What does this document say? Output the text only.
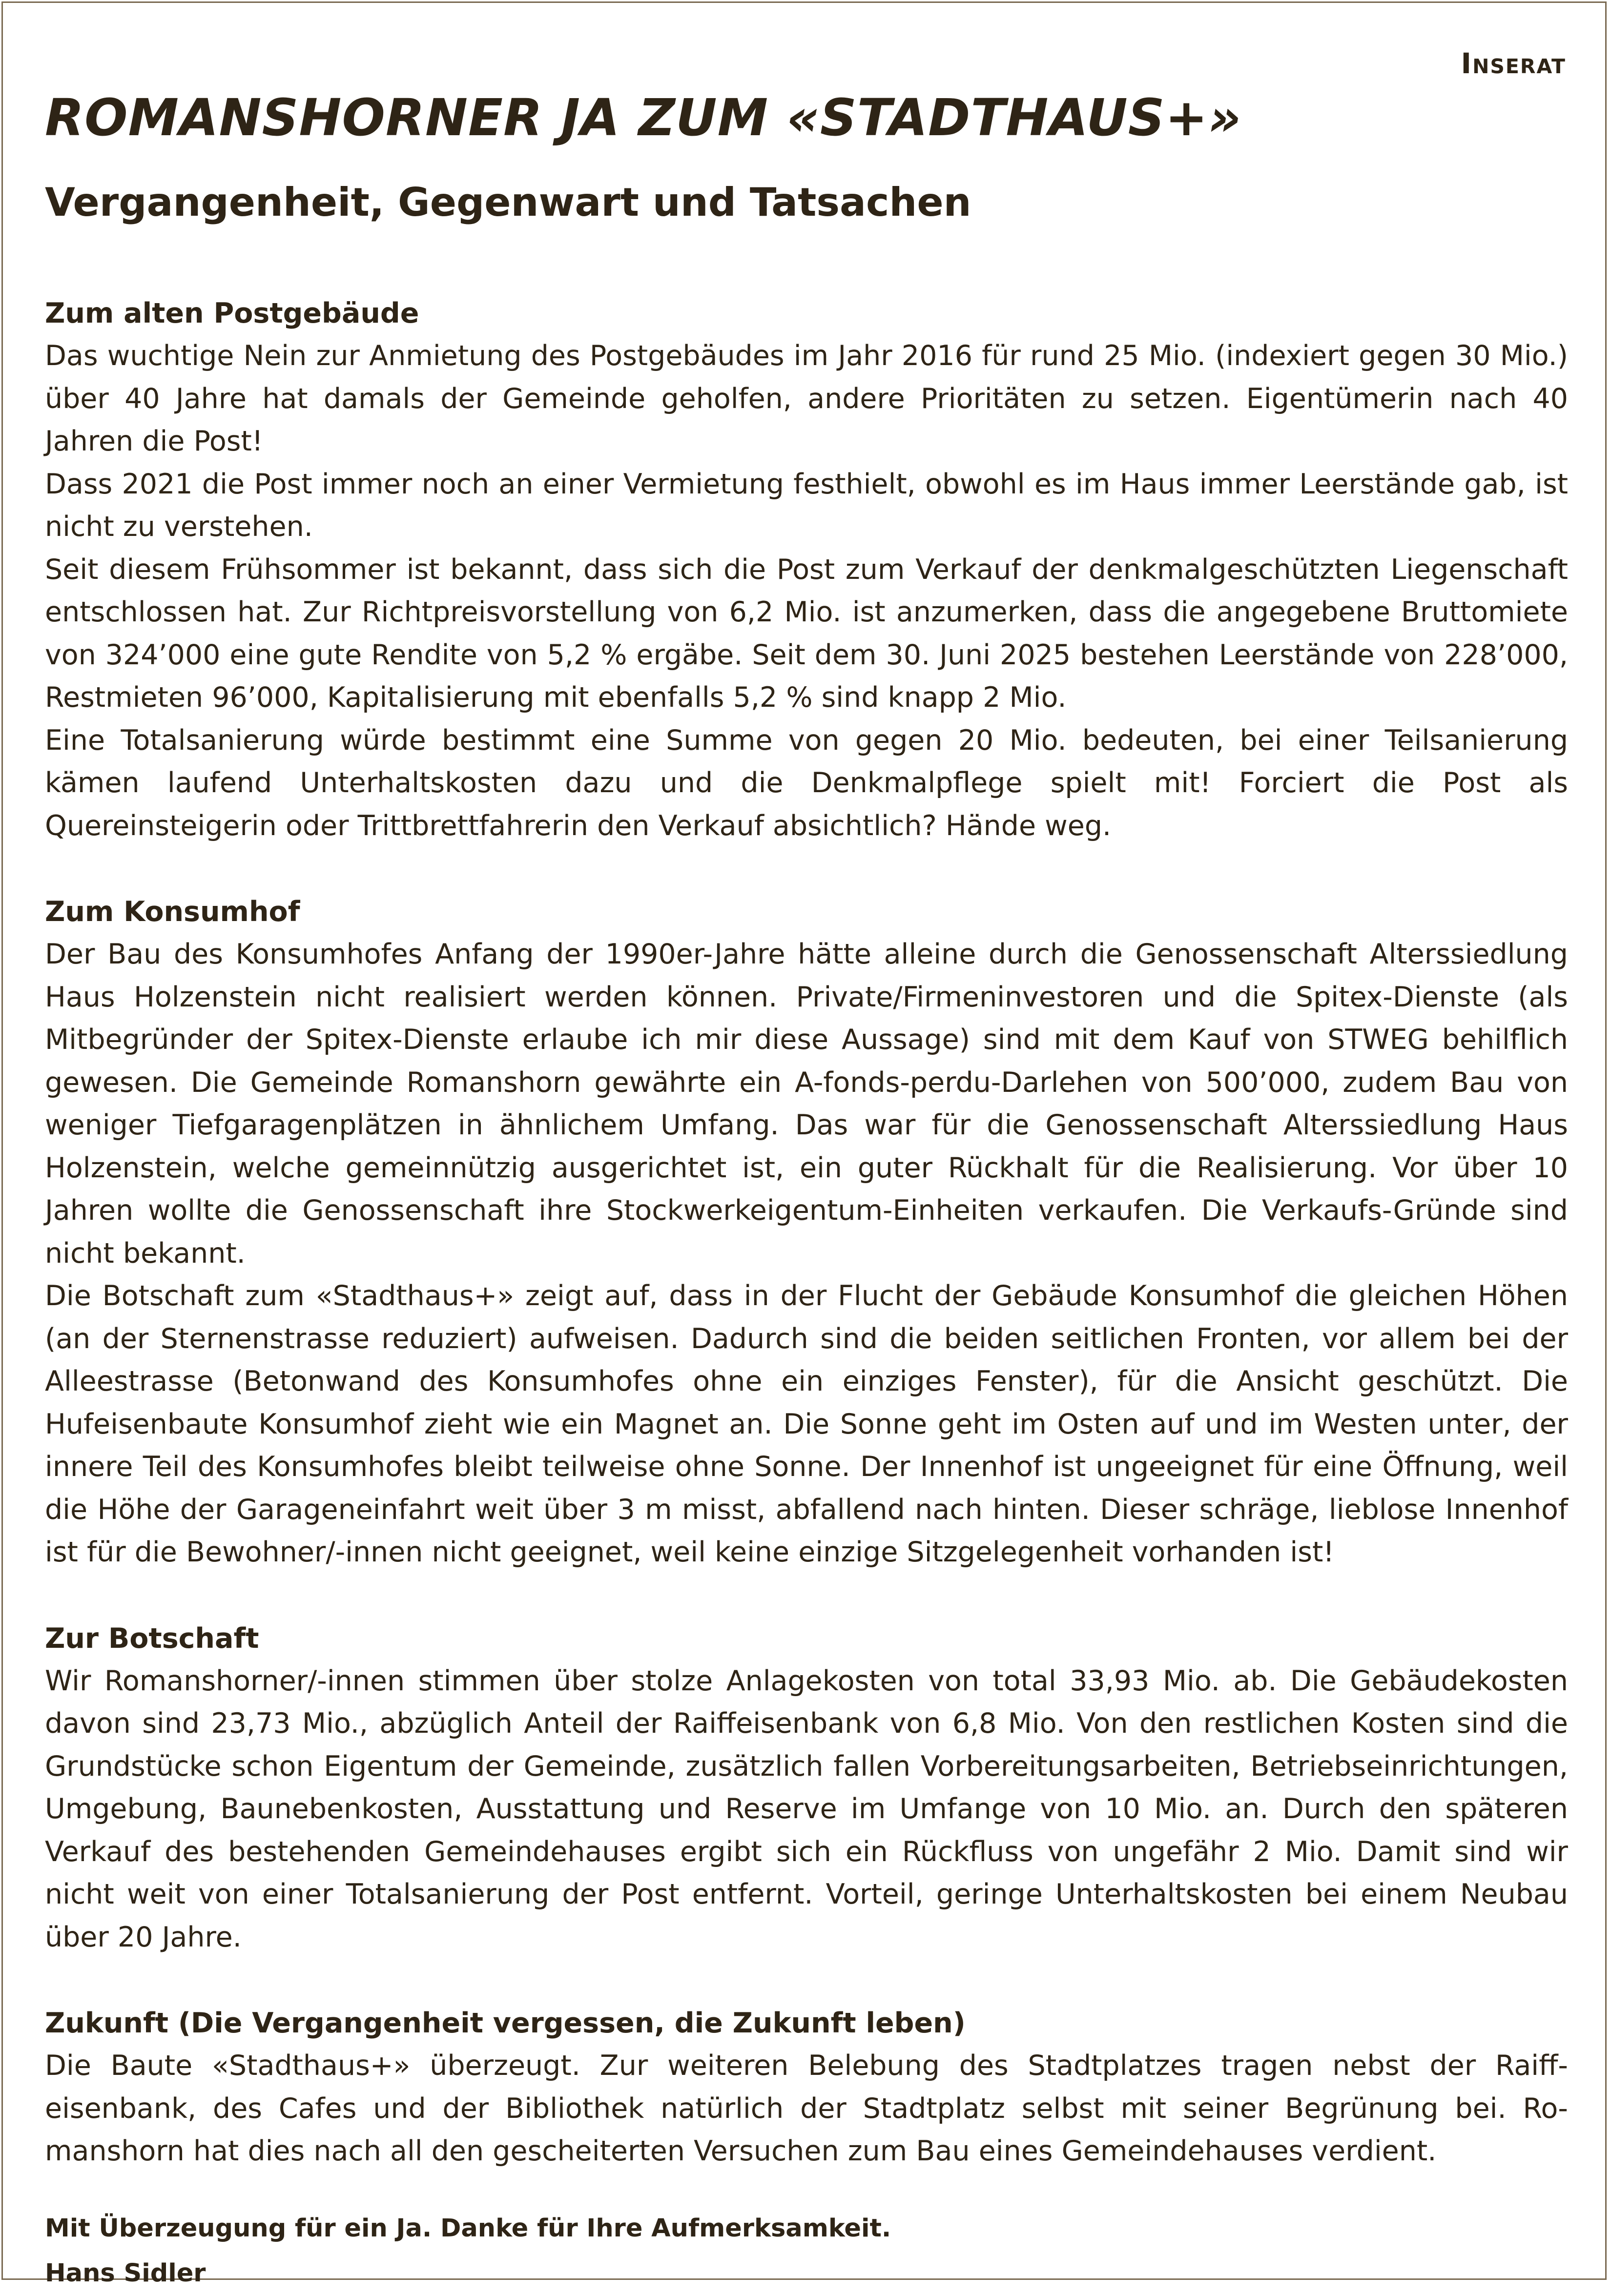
Inserat
ROMANSHORNER JA ZUM «STADTHAUS+»
Vergangenheit, Gegenwart und Tatsachen
Zum alten Postgebäude

Das wuchtige Nein zur Anmietung des Postgebäudes im Jahr 2016 für rund 25 Mio. (indexiert gegen 30 Mio.) über 40 Jahre hat damals der Gemeinde geholfen, andere Prioritäten zu setzen. Eigentümerin nach 40 Jahren die Post!

Dass 2021 die Post immer noch an einer Vermietung festhielt, obwohl es im Haus immer Leerstände gab, ist nicht zu verstehen.

Seit diesem Frühsommer ist bekannt, dass sich die Post zum Verkauf der denkmalgeschützten Liegenschaft entschlossen hat. Zur Richtpreisvorstellung von 6,2 Mio. ist anzumerken, dass die angegebene Bruttomiete von 324’000 eine gute Rendite von 5,2 % ergäbe. Seit dem 30. Juni 2025 bestehen Leerstände von 228’000, Restmieten 96’000, Kapitalisierung mit ebenfalls 5,2 % sind knapp 2 Mio.

Eine Totalsanierung würde bestimmt eine Summe von gegen 20 Mio. bedeuten, bei einer Teilsanierung kämen laufend Unterhaltskosten dazu und die Denkmalpflege spielt mit! Forciert die Post als Quereinsteigerin oder Trittbrettfahrerin den Verkauf absichtlich? Hände weg.

Zum Konsumhof

Der Bau des Konsumhofes Anfang der 1990er-Jahre hätte alleine durch die Genossenschaft Alterssiedlung Haus Holzenstein nicht realisiert werden können. Private/Firmeninvestoren und die Spitex-Dienste (als Mitbegründer der Spitex-Dienste erlaube ich mir diese Aussage) sind mit dem Kauf von STWEG behilflich gewesen. Die Gemeinde Romanshorn gewährte ein A-fonds-perdu-Darlehen von 500’000, zudem Bau von weniger Tiefgaragenplätzen in ähnlichem Umfang. Das war für die Genossenschaft Alterssiedlung Haus Holzenstein, welche gemeinnützig ausgerichtet ist, ein guter Rückhalt für die Realisierung. Vor über 10 Jahren wollte die Genossenschaft ihre Stockwerkeigentum-Einheiten verkaufen. Die Verkaufs-Gründe sind nicht bekannt.

Die Botschaft zum «Stadthaus+» zeigt auf, dass in der Flucht der Gebäude Konsumhof die gleichen Höhen (an der Sternenstrasse reduziert) aufweisen. Dadurch sind die beiden seitlichen Fronten, vor allem bei der Alleestrasse (Betonwand des Konsumhofes ohne ein einziges Fenster), für die Ansicht geschützt. Die Hufeisenbaute Konsumhof zieht wie ein Magnet an. Die Sonne geht im Osten auf und im Westen unter, der innere Teil des Konsumhofes bleibt teilweise ohne Sonne. Der Innenhof ist ungeeignet für eine Öffnung, weil die Höhe der Garageneinfahrt weit über 3 m misst, abfallend nach hinten. Dieser schräge, lieblose Innenhof ist für die Bewohner/-innen nicht geeignet, weil keine einzige Sitzgelegenheit vorhanden ist!

Zur Botschaft

Wir Romanshorner/-innen stimmen über stolze Anlagekosten von total 33,93 Mio. ab. Die Gebäudekosten davon sind 23,73 Mio., abzüglich Anteil der Raiffeisenbank von 6,8 Mio. Von den restlichen Kosten sind die Grundstücke schon Eigentum der Gemeinde, zusätzlich fallen Vorbereitungsarbeiten, Betriebseinrichtungen, Umgebung, Baunebenkosten, Ausstattung und Reserve im Umfange von 10 Mio. an. Durch den späteren Verkauf des bestehenden Gemeindehauses ergibt sich ein Rückfluss von ungefähr 2 Mio. Damit sind wir nicht weit von einer Totalsanierung der Post entfernt. Vorteil, geringe Unterhaltskosten bei einem Neubau über 20 Jahre.

Zukunft (Die Vergangenheit vergessen, die Zukunft leben)

Die Baute «Stadthaus+» überzeugt. Zur weiteren Belebung des Stadtplatzes tragen nebst der Raiffeisenbank, des Cafes und der Bibliothek natürlich der Stadtplatz selbst mit seiner Begrünung bei. Romanshorn hat dies nach all den gescheiterten Versuchen zum Bau eines Gemeindehauses verdient.

Mit Überzeugung für ein Ja. Danke für Ihre Aufmerksamkeit.

Hans Sidler
